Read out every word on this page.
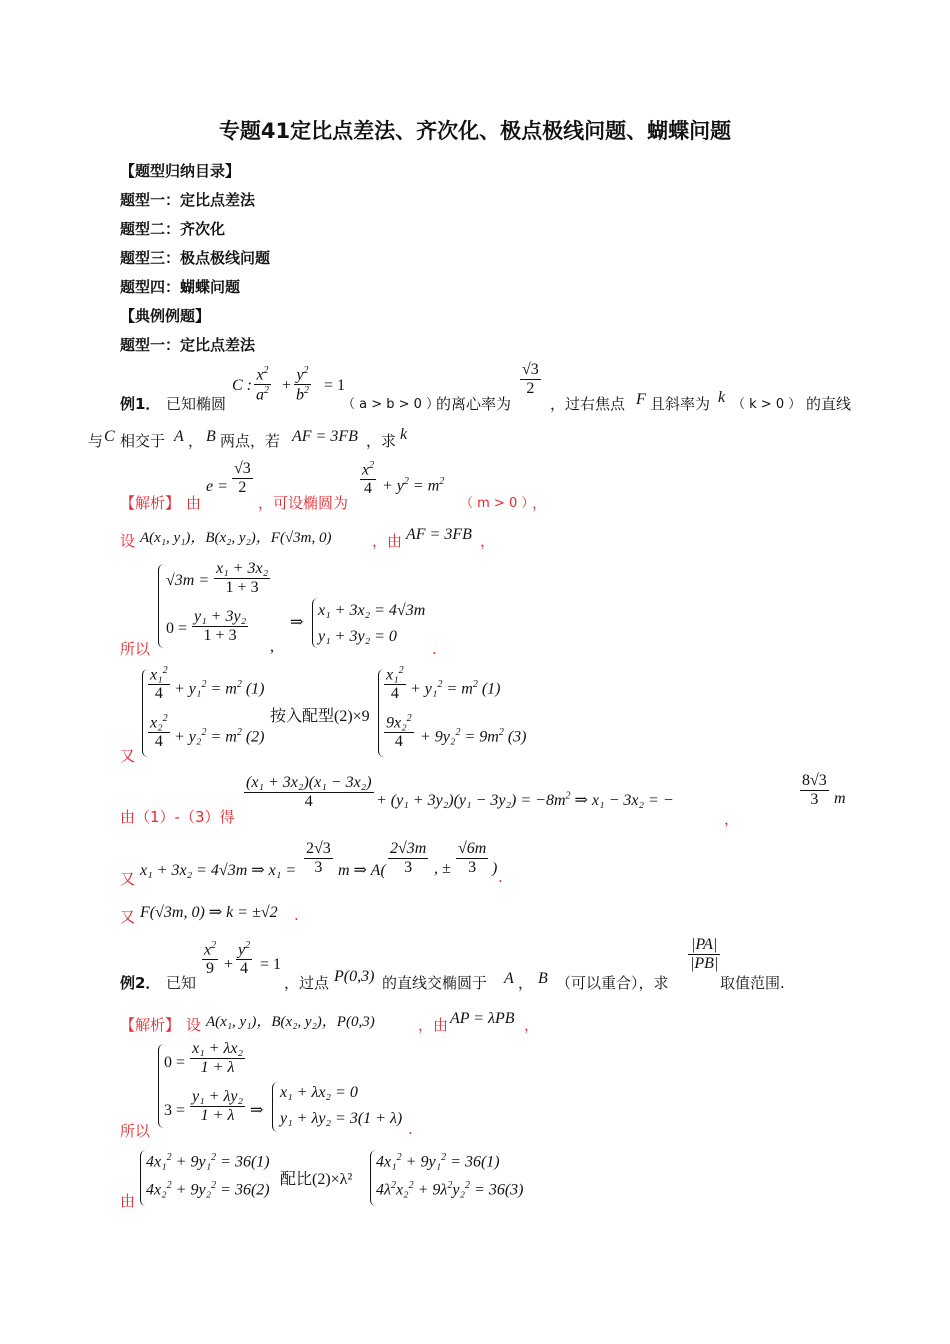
专题41定比点差法、齐次化、极点极线问题、蝴蝶问题
【题型归纳目录】
题型一：定比点差法
题型二：齐次化
题型三：极点极线问题
题型四：蝴蝶问题
【典例例题】
题型一：定比点差法
例1． 已知椭圆
C : $\frac{x^2}{a^2} + \frac{y^2}{b^2} = 1$
（ a > b > 0 ）
的离心率为
$\frac{√3}{2}$
，过右焦点 F 且斜率为 k （ k > 0 ） 的直线
与 C 相交于 A ， B 两点，若 AF = 3FB ，求 k
【解析】 由
$e = \frac{√3}{2}$
，可设椭圆为
$\frac{x^2}{4} + y^2 = m^2$
（ m > 0 ）
，
设 A(x₁, y₁)，B(x₂, y₂)，F(√3m, 0)	，由 AF = 3FB ，
所以
$√3m = \frac{\text{x₁ + 3x₂}}{1 + 3}$
$0 = \frac{\text{y₁ + 3y₂}}{1 + 3}$
,
⇒
x₁ + 3x₂ = 4√3m
y₁ + 3y₂ = 0
.
又
$\frac{x_1^2}{4} + y_1^2 = m^2$ (1)
$\frac{x_2^2}{4} + y_2^2 = m^2$ (2)
按入配型(2)×9
$\frac{x_1^2}{4} + y_1^2 = m^2$ (1)
$\frac{9x_2^2}{4} + 9y_2^2 = 9m^2$ (3)
由（1）-（3）得
$\frac{\text{(x₁ + 3x₂)(x₁ − 3x₂)}}{4} + (y_1 + 3y_2)(y_1 - 3y_2) = -8m^2$ ⇒ x₁ − 3x₂ = −	$\frac{8√3}{3}$ m
，
又 x₁ + 3x₂ = 4√3m ⇒ $x_1 = \frac{2√3}{3}$ m ⇒ $A( \frac{2√3m}{3}$ , ± $\frac{√6m}{3}$ ) .
又 F(√3m, 0) ⇒ k = ±√2 .
例2． 已知
$\frac{x^2}{9} + \frac{y^2}{4} = 1$
，过点 P(0,3) 的直线交椭圆于 A ， B （可以重合），求
$\frac{|PA|}{|PB|}$
取值范围.
【解析】 设 A(x₁, y₁)，B(x₂, y₂)，P(0,3)	，由 AP = λPB ，
所以
$0 = \frac{\text{x₁ + λx₂}}{1 + \lambda}$
$3 = \frac{\text{y₁ + λy₂}}{1 + \lambda}$ ⇒
x₁ + λx₂ = 0
y₁ + λy₂ = 3(1 + λ)
.
由
4x₁$^2$ + 9y₁$^2$ = 36(1)
4x₂$^2$ + 9y₂$^2$ = 36(2)
配比(2)×λ²
4x₁$^2$ + 9y₁$^2$ = 36(1)
$4\lambda^2x_2^2 + 9\lambda^2y_2^2 = 36(3)$
